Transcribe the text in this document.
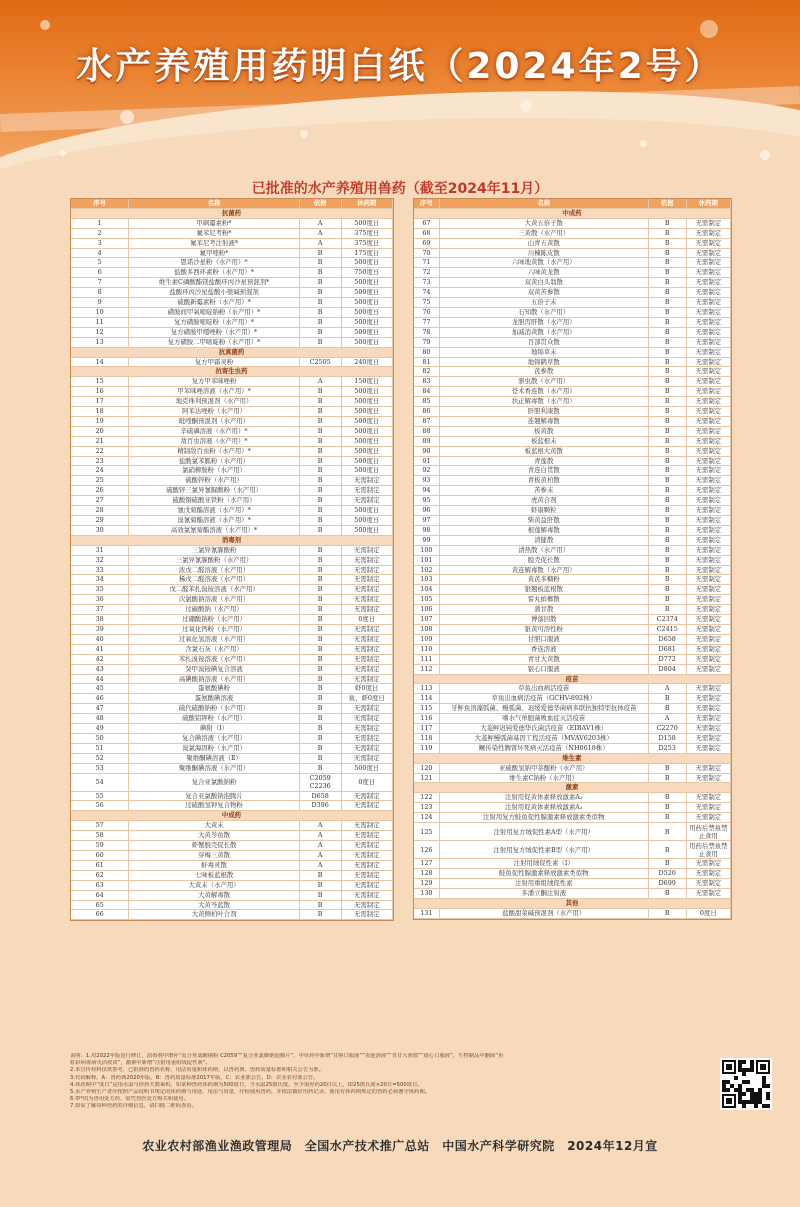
水产养殖用药明白纸（2024年2号）
已批准的水产养殖用兽药（截至2024年11月）
序号	名称	依据	休药期
抗菌药			
1	甲砜霉素粉*	A	500度日
2	氟苯尼考粉*	A	375度日
3	氟苯尼考注射液*	A	375度日
4	氟甲喹粉*	B	175度日
5	恩诺沙星粉（水产用）*	B	500度日
6	盐酸多西环素粉（水产用）*	B	750度日
7	维生素C磷酸酯镁盐酸环丙沙星预混剂*	B	500度日
8	盐酸环丙沙星盐酸小檗碱预混剂	B	500度日
9	硫酸新霉素粉（水产用）*	B	500度日
10	磺胺间甲氧嘧啶钠粉（水产用）*	B	500度日
11	复方磺胺嘧啶粉（水产用）*	B	500度日
12	复方磺胺甲噁唑粉（水产用）*	B	500度日
13	复方磺胺二甲嘧啶粉（水产用）*	B	500度日
抗真菌药			
14	复方甲霜灵粉	C2505	240度日
抗寄生虫药			
15	复方甲苯咪唑粉	A	150度日
16	甲苯咪唑溶液（水产用）*	B	500度日
17	地克珠利预混剂（水产用）	B	500度日
18	阿苯达唑粉（水产用）	B	500度日
19	吡喹酮预混剂（水产用）	B	500度日
20	辛硫磷溶液（水产用）*	B	500度日
21	敌百虫溶液（水产用）*	B	500度日
22	精制敌百虫粉（水产用）*	B	500度日
23	盐酸氯苯胍粉（水产用）	B	500度日
24	氯硝柳胺粉（水产用）	B	500度日
25	硫酸锌粉（水产用）	B	无需制定
26	硫酸锌三氯异氰脲酸粉（水产用）	B	无需制定
27	硫酸铜硫酸亚铁粉（水产用）	B	无需制定
28	氰戊菊酯溶液（水产用）*	B	500度日
29	溴氰菊酯溶液（水产用）*	B	500度日
30	高效氯氰菊酯溶液（水产用）*	B	500度日
消毒剂			
31	三氯异氰脲酸粉	B	无需制定
32	三氯异氰脲酸粉（水产用）	B	无需制定
33	浓戊二醛溶液（水产用）	B	无需制定
34	稀戊二醛溶液（水产用）	B	无需制定
35	戊二醛苯扎溴铵溶液（水产用）	B	无需制定
36	次氯酸钠溶液（水产用）	B	无需制定
37	过碳酸钠（水产用）	B	无需制定
38	过硼酸钠粉（水产用）	B	0度日
39	过氧化钙粉（水产用）	B	无需制定
40	过氧化氢溶液（水产用）	B	无需制定
41	含氯石灰（水产用）	B	无需制定
42	苯扎溴铵溶液（水产用）	B	无需制定
43	癸甲溴铵碘复合溶液	B	无需制定
44	高碘酸钠溶液（水产用）	B	无需制定
45	蛋氨酸碘粉	B	虾0度日
46	蛋氨酸碘溶液	B	鱼、虾0度日
47	硫代硫酸钠粉（水产用）	B	无需制定
48	硫酸铝钾粉（水产用）	B	无需制定
49	碘附（Ⅰ）	B	无需制定
50	复合碘溶液（水产用）	B	无需制定
51	溴氯海因粉（水产用）	B	无需制定
52	聚维酮碘溶液（Ⅱ）	B	无需制定
53	聚维酮碘溶液（水产用）	B	500度日
54	复合亚氯酸钠粉	C2059 C2236	0度日
55	复合亚氯酸钠泡腾片	D658	无需制定
56	过硫酸氢钾复合物粉	D396	无需制定
中成药			
57	大黄末	A	无需制定
58	大黄芩鱼散	A	无需制定
59	虾蟹脱壳促长散	A	无需制定
60	穿梅三黄散	A	无需制定
61	蚌毒灵散	A	无需制定
62	七味板蓝根散	B	无需制定
63	大黄末（水产用）	B	无需制定
64	大黄解毒散	B	无需制定
65	大黄芩蓝散	B	无需制定
66	大黄侧柏叶合剂	B	无需制定
序号	名称	依据	休药期
中成药			
67	大黄五倍子散	B	无需制定
68	三黄散（水产用）	B	无需制定
69	山青五黄散	B	无需制定
70	川楝陈皮散	B	无需制定
71	六味地黄散（水产用）	B	无需制定
72	六味黄龙散	B	无需制定
73	双黄白头翁散	B	无需制定
74	双黄苦参散	B	无需制定
75	五倍子末	B	无需制定
76	石知散（水产用）	B	无需制定
77	龙胆泻肝散（水产用）	B	无需制定
78	加减消黄散（水产用）	B	无需制定
79	百部贯众散	B	无需制定
80	地锦草末	B	无需制定
81	地锦鹤草散	B	无需制定
82	芪参散	B	无需制定
83	驱虫散（水产用）	B	无需制定
84	苍术香连散（水产用）	B	无需制定
85	扶正解毒散（水产用）	B	无需制定
86	肝胆利康散	B	无需制定
87	连翘解毒散	B	无需制定
88	板黄散	B	无需制定
89	板蓝根末	B	无需制定
90	板蓝根大黄散	B	无需制定
91	青莲散	B	无需制定
92	青连白贯散	B	无需制定
93	青板黄柏散	B	无需制定
94	苦参末	B	无需制定
95	虎黄合剂	B	无需制定
96	虾康颗粒	B	无需制定
97	柴黄益肝散	B	无需制定
98	根莲解毒散	B	无需制定
99	清健散	B	无需制定
100	清热散（水产用）	B	无需制定
101	脱壳促长散	B	无需制定
102	黄连解毒散（水产用）	B	无需制定
103	黄芪多糖粉	B	无需制定
104	银翘板蓝根散	B	无需制定
105	雷丸槟榔散	B	无需制定
106	蒲甘散	B	无需制定
107	博落回散	C2374	无需制定
108	银黄可溶性粉	C2415	无需制定
109	甘胆口服液	D658	无需制定
110	香连溶液	D681	无需制定
111	青甘大黄散	D772	无需制定
112	银心口服液	D804	无需制定
疫苗			
113	草鱼出血病活疫苗	A	无需制定
114	草鱼出血病活疫苗（GCHV-892株）	B	无需制定
115	牙鲆鱼溶藻弧菌、鳗弧菌、迟缓爱德华菌病多联抗独特型抗体疫苗	B	无需制定
116	嗜水气单胞菌败血症灭活疫苗	A	无需制定
117	大菱鲆迟钝爱德华氏菌活疫苗（EIBAV1株）	C2270	无需制定
118	大菱鲆鳗弧菌基因工程活疫苗（MVAV6203株）	D158	无需制定
119	鳜传染性脾肾坏死病灭活疫苗（NH0618株）	D253	无需制定
维生素			
120	亚硫酸氢钠甲萘醌粉（水产用）	B	无需制定
121	维生素C钠粉（水产用）	B	无需制定
激素			
122	注射用促黄体素释放激素A₂	B	无需制定
123	注射用促黄体素释放激素A₃	B	无需制定
124	注射用复方鲑鱼促性腺激素释放激素类似物	B	无需制定
125	注射用复方绒促性素A型（水产用）	B	用药后禁鱼禁止食用
126	注射用复方绒促性素B型（水产用）	B	用药后禁鱼禁止食用
127	注射用绒促性素（Ⅰ）	B	无需制定
128	鲑鱼促性腺激素释放激素类似物	D520	无需制定
129	注射用重组绒促性素	D699	无需制定
130	多潘立酮注射液	B	无需制定
其他			
131	盐酸甜菜碱预混剂（水产用）	B	0度日
说明：1.对2022年版进行修订，消毒剂中增补“复合亚氯酸钠粉 C2059”“复合亚氯酸钠泡腾片”，中草药中新增“甘胆口服液”“香连溶液”“青甘大黄散”“银心口服液”，生物制品中删除“鱼
虹彩病毒病灭活疫苗”，激素中新增“注射用重组绒促性素”。
2.本宣传材料仅供参考，已批准的兽药名称、用法用量和休药期，以兽药典、兽药质量标准和相关公告为准。
3.代码解释。A：兽药典2020年版，B：兽药质量标准2017年版，C：农业部公告，D：农业农村部公告。
4.休药期中“度日”是指水温与停药天数乘积，如某种兽药休药期为500度日，当水温25摄氏度，至少需停药20日以上，即25摄氏度×20日=500度日。
5.水产养殖生产者应按照产品说明书规定的休药期与用途、用法与用量，疗程使用兽药，并依法做好用药记录，使用有休药期规定的兽药必须遵守休药期。
6.带*的为兽用处方药，需凭兽医处方购买和使用。
7.如需了解每种兽药的详细信息，请扫描二维码查看。
农业农村部渔业渔政管理局　全国水产技术推广总站　中国水产科学研究院　2024年12月宣
